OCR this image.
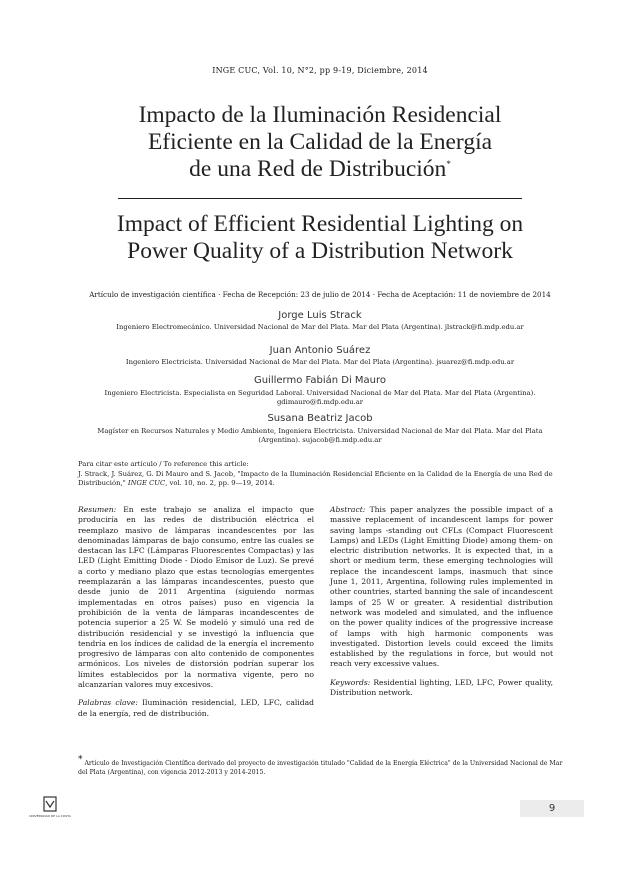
INGE CUC, Vol. 10, N°2, pp 9-19, Diciembre, 2014
Impacto de la Iluminación Residencial
Eficiente en la Calidad de la Energía
de una Red de Distribución*
Impact of Efficient Residential Lighting on
Power Quality of a Distribution Network
Artículo de investigación científica · Fecha de Recepción: 23 de julio de 2014 · Fecha de Aceptación: 11 de noviembre de 2014
Jorge Luis Strack
Ingeniero Electromecánico. Universidad Nacional de Mar del Plata. Mar del Plata (Argentina). jlstrack@fi.mdp.edu.ar
Juan Antonio Suárez
Ingeniero Electricista. Universidad Nacional de Mar del Plata. Mar del Plata (Argentina). jsuarez@fi.mdp.edu.ar
Guillermo Fabián Di Mauro
Ingeniero Electricista. Especialista en Seguridad Laboral. Universidad Nacional de Mar del Plata. Mar del Plata (Argentina). gdimauro@fi.mdp.edu.ar
Susana Beatriz Jacob
Magíster en Recursos Naturales y Medio Ambiente, Ingeniera Electricista. Universidad Nacional de Mar del Plata. Mar del Plata (Argentina). sujacob@fi.mdp.edu.ar
Para citar este artículo / To reference this article:
J. Strack, J. Suárez, G. Di Mauro and S. Jacob, "Impacto de la Iluminación Residencial Eficiente en la Calidad de la Energía de una Red de Distribución," INGE CUC, vol. 10, no. 2, pp. 9—19, 2014.

Resumen: En este trabajo se analiza el impacto que produciría en las redes de distribución eléctrica el reemplazo masivo de lámparas incandescentes por las denominadas lámparas de bajo consumo, entre las cuales se destacan las LFC (Lámparas Fluorescentes Compactas) y las LED (Light Emitting Diode - Diodo Emisor de Luz). Se prevé a corto y mediano plazo que estas tecnologías emergentes reemplazarán a las lámparas incandescentes, puesto que desde junio de 2011 Argentina (siguiendo normas implementadas en otros países) puso en vigencia la prohibición de la venta de lámparas incandescentes de potencia superior a 25 W. Se modeló y simuló una red de distribución residencial y se investigó la influencia que tendría en los índices de calidad de la energía el incremento progresivo de lámparas con alto contenido de componentes armónicos. Los niveles de distorsión podrían superar los límites establecidos por la normativa vigente, pero no alcanzarían valores muy excesivos.

Palabras clave: Iluminación residencial, LED, LFC, calidad de la energía, red de distribución.

Abstract: This paper analyzes the possible impact of a massive replacement of incandescent lamps for power saving lamps -standing out CFLs (Compact Fluorescent Lamps) and LEDs (Light Emitting Diode) among them- on electric distribution networks. It is expected that, in a short or medium term, these emerging technologies will replace the incandescent lamps, inasmuch that since June 1, 2011, Argentina, following rules implemented in other countries, started banning the sale of incandescent lamps of 25 W or greater. A residential distribution network was modeled and simulated, and the influence on the power quality indices of the progressive increase of lamps with high harmonic components was investigated. Distortion levels could exceed the limits established by the regulations in force, but would not reach very excessive values.

Keywords: Residential lighting, LED, LFC, Power quality, Distribution network.

* Artículo de Investigación Científica derivado del proyecto de investigación titulado "Calidad de la Energía Eléctrica" de la Universidad Nacional de Mar del Plata (Argentina), con vigencia 2012-2013 y 2014-2015.
UNIVERSIDAD DE LA COSTA
9
